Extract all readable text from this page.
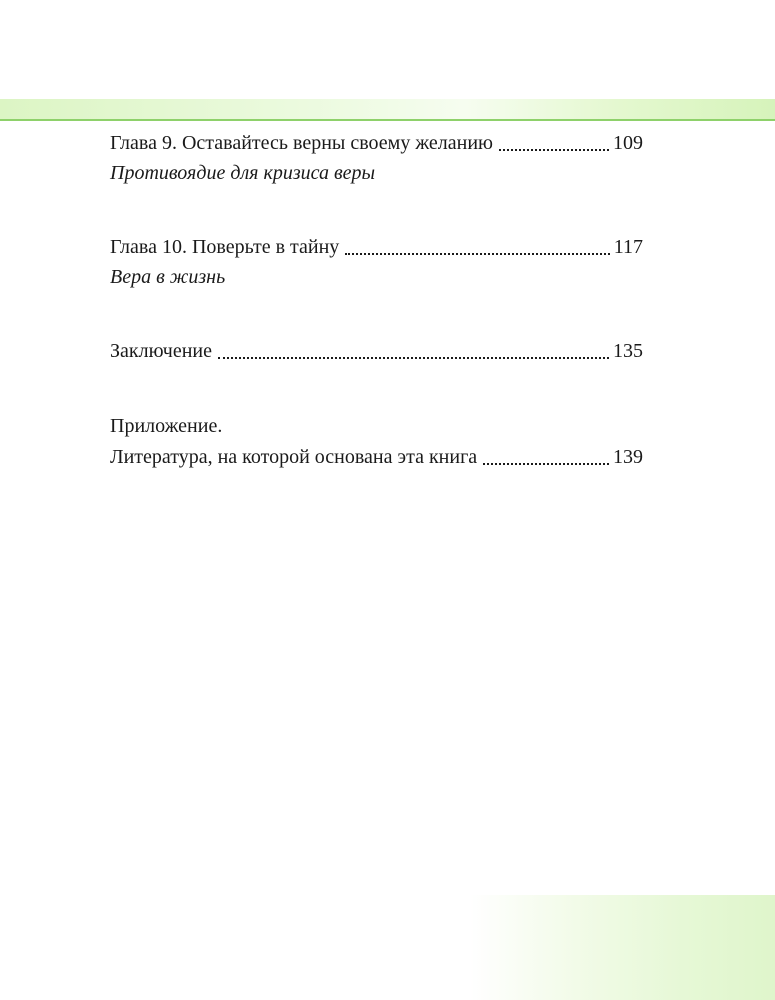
Глава 9. Оставайтесь верны своему желанию	109
Противоядие для кризиса веры
Глава 10. Поверьте в тайну	117
Вера в жизнь
Заключение	135
Приложение.
Литература, на которой основана эта книга	139
